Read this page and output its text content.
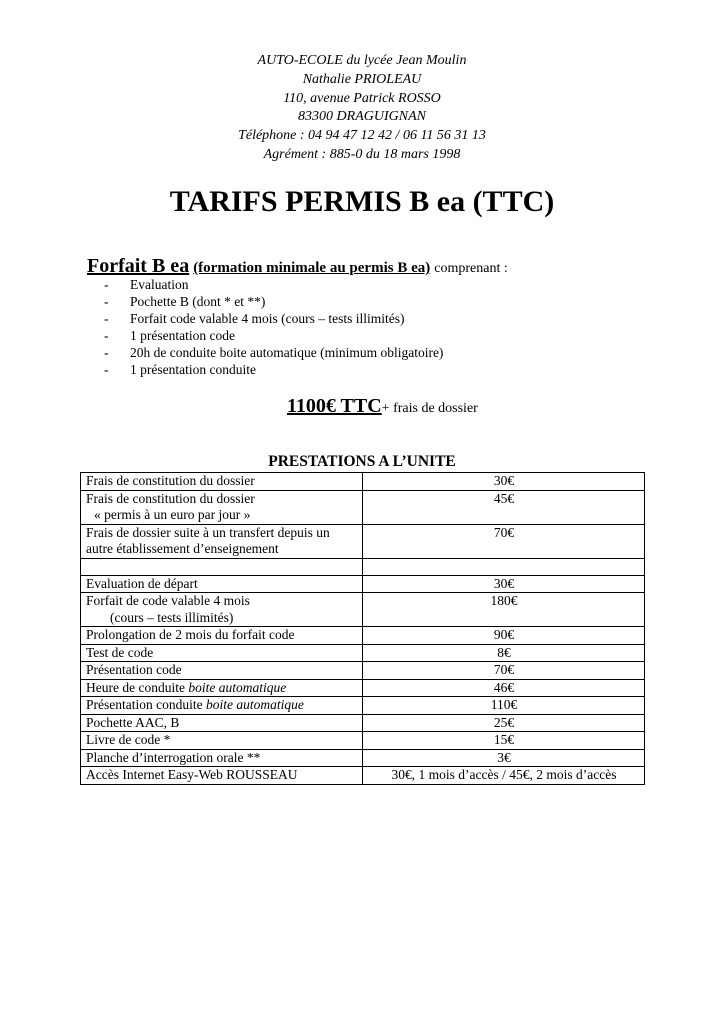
AUTO-ECOLE du lycée Jean Moulin
Nathalie PRIOLEAU
110, avenue Patrick ROSSO
83300 DRAGUIGNAN
Téléphone : 04 94 47 12 42 / 06 11 56 31 13
Agrément : 885-0 du 18 mars 1998
TARIFS PERMIS B ea (TTC)
Forfait B ea (formation minimale au permis B ea) comprenant :
- Evaluation
- Pochette B (dont * et **)
- Forfait code valable 4 mois (cours – tests illimités)
- 1 présentation code
- 20h de conduite boite automatique (minimum obligatoire)
- 1 présentation conduite
1100€ TTC+ frais de dossier
PRESTATIONS A L’UNITE
Frais de constitution du dossier	30€

Frais de constitution du dossier
« permis à un euro par jour »	45€

Frais de dossier suite à un transfert depuis un
autre établissement d’enseignement	70€

Evaluation de départ	30€

Forfait de code valable 4 mois
(cours – tests illimités)	180€
Prolongation de 2 mois du forfait code	90€
Test de code	8€
Présentation code	70€
Heure de conduite boite automatique	46€
Présentation conduite boite automatique	110€
Pochette AAC, B	25€
Livre de code *	15€
Planche d’interrogation orale **	3€
Accès Internet Easy-Web ROUSSEAU	30€, 1 mois d’accès / 45€, 2 mois d’accès
